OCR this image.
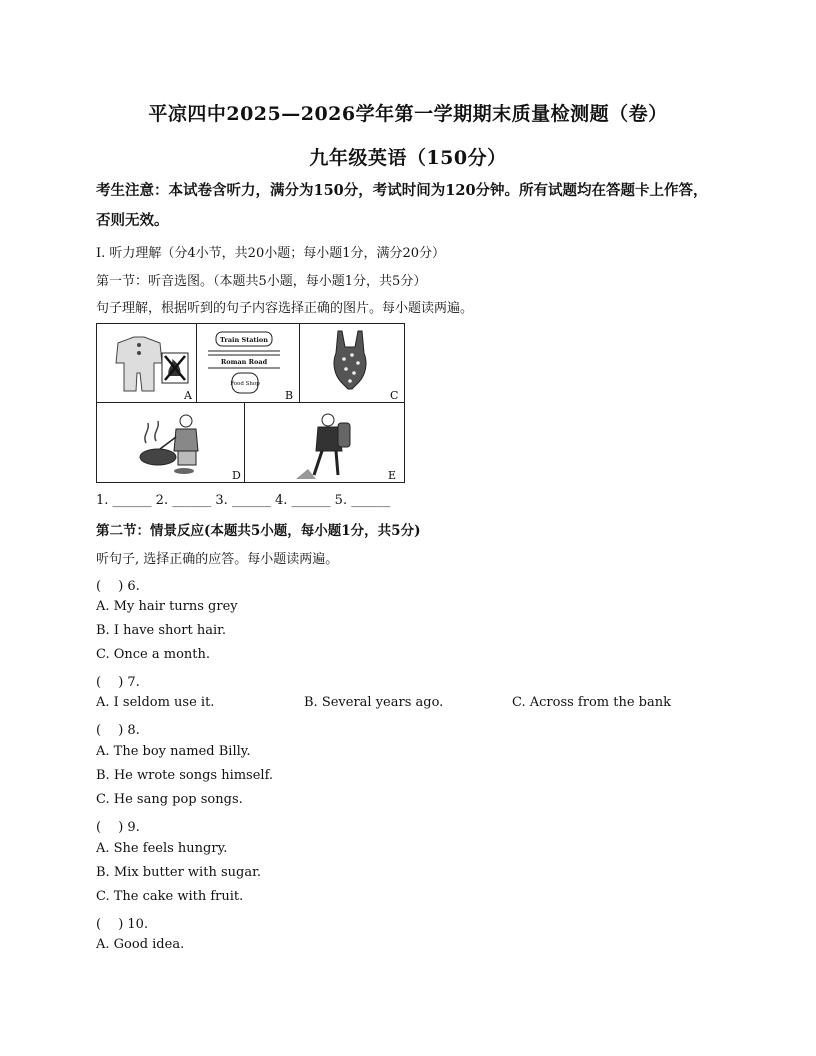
平凉四中2025—2026学年第一学期期末质量检测题（卷）
九年级英语（150分）
考生注意：本试卷含听力，满分为150分，考试时间为120分钟。所有试题均在答题卡上作答，否则无效。
I. 听力理解（分4小节，共20小题；每小题1分，满分20分）
第一节：听音选图。（本题共5小题，每小题1分，共5分）
句子理解，根据听到的句子内容选择正确的图片。每小题读两遍。
A
Train Station
Roman Road
Food Shop
B	C
D	E
1. ______ 2. ______ 3. ______ 4. ______ 5. ______
第二节：情景反应(本题共5小题，每小题1分，共5分)
听句子, 选择正确的应答。每小题读两遍。
(　 ) 6.
A. My hair turns grey
B. I have short hair.
C. Once a month.
(　 ) 7.
A. I seldom use it.	B. Several years ago.	C. Across from the bank
(　 ) 8.
A. The boy named Billy.
B. He wrote songs himself.
C. He sang pop songs.
(　 ) 9.
A. She feels hungry.
B. Mix butter with sugar.
C. The cake with fruit.
(　 ) 10.
A. Good idea.
